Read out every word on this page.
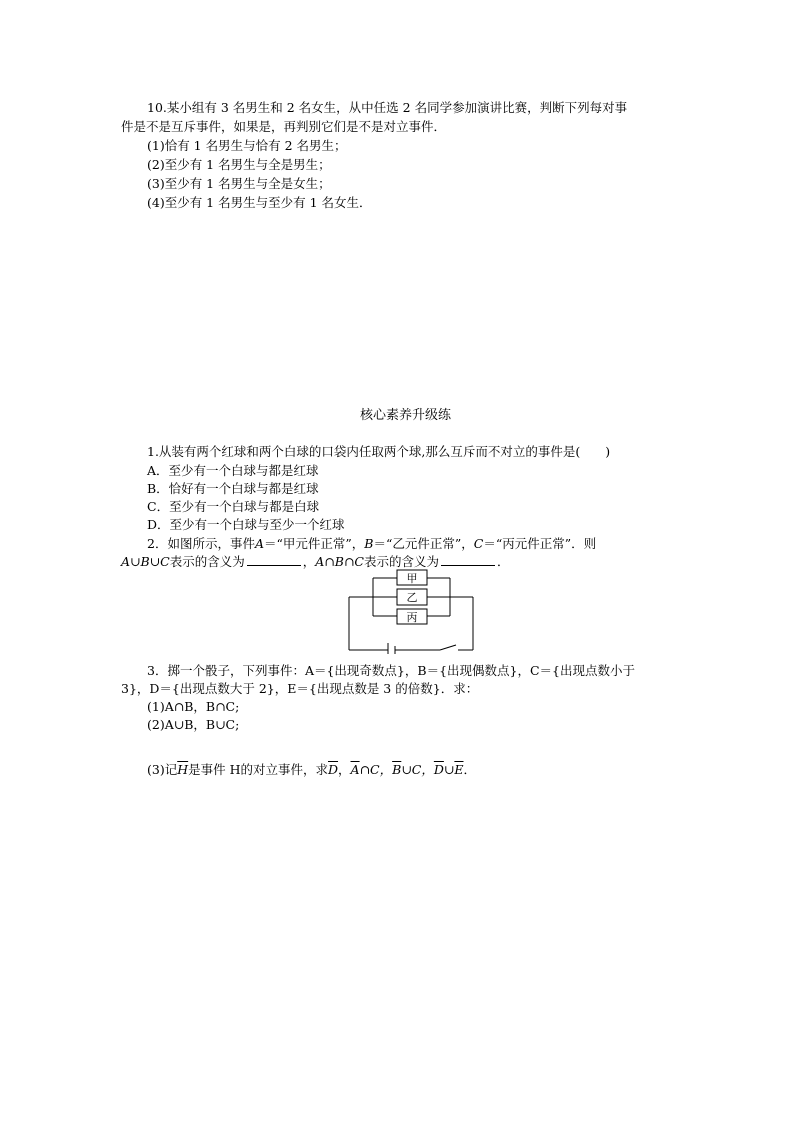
10.某小组有 3 名男生和 2 名女生，从中任选 2 名同学参加演讲比赛，判断下列每对事
件是不是互斥事件，如果是，再判别它们是不是对立事件．
(1)恰有 1 名男生与恰有 2 名男生；
(2)至少有 1 名男生与全是男生；
(3)至少有 1 名男生与全是女生；
(4)至少有 1 名男生与至少有 1 名女生．
核心素养升级练
1.从装有两个红球和两个白球的口袋内任取两个球,那么互斥而不对立的事件是(　　)
A．至少有一个白球与都是红球
B．恰好有一个白球与都是红球
C．至少有一个白球与都是白球
D．至少有一个白球与至少一个红球
2．如图所示，事件A＝“甲元件正常”，B＝“乙元件正常”，C＝“丙元件正常”．则
A∪B∪C表示的含义为	，A∩B∩C表示的含义为	．
甲
乙
丙
3．掷一个骰子，下列事件：A＝{出现奇数点}，B＝{出现偶数点}，C＝{出现点数小于
3}，D＝{出现点数大于 2}，E＝{出现点数是 3 的倍数}．求：
(1)A∩B，B∩C;
(2)A∪B，B∪C;
(3)记$\overline{H}$是事件 H的对立事件，求$\overline{D}$，$\overline{A}\cap C$，$\overline{B}\cup C$，$\overline{D}\cup\overline{E}$．
